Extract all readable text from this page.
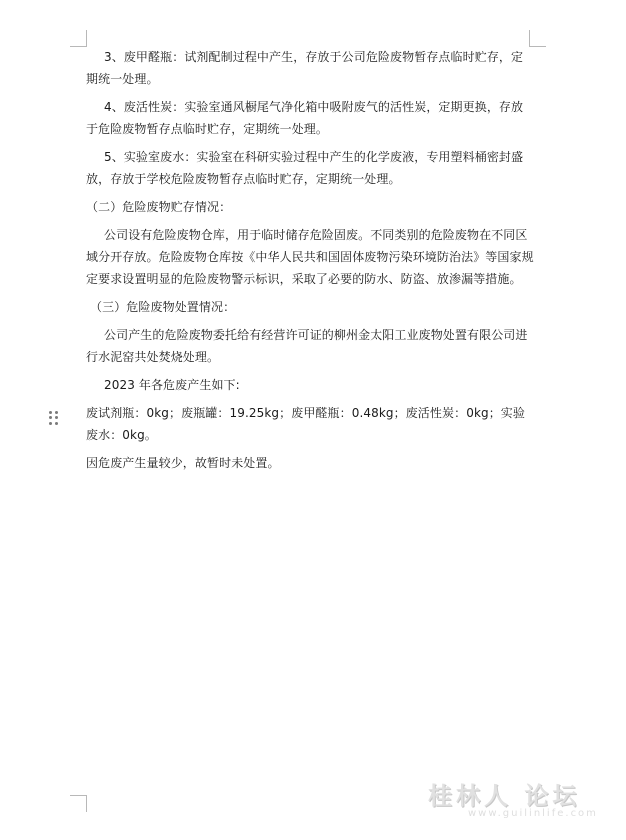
3、废甲醛瓶：试剂配制过程中产生，存放于公司危险废物暂存点临时贮存，定期统一处理。

4、废活性炭：实验室通风橱尾气净化箱中吸附废气的活性炭，定期更换，存放于危险废物暂存点临时贮存，定期统一处理。

5、实验室废水：实验室在科研实验过程中产生的化学废液，专用塑料桶密封盛放，存放于学校危险废物暂存点临时贮存，定期统一处理。

（二）危险废物贮存情况：

公司设有危险废物仓库，用于临时储存危险固废。不同类别的危险废物在不同区域分开存放。危险废物仓库按《中华人民共和国固体废物污染环境防治法》等国家规定要求设置明显的危险废物警示标识，采取了必要的防水、防盗、放渗漏等措施。

（三）危险废物处置情况：

公司产生的危险废物委托给有经营许可证的柳州金太阳工业废物处置有限公司进行水泥窑共处焚烧处理。

2023 年各危废产生如下:

废试剂瓶：0kg；废瓶罐：19.25kg；废甲醛瓶：0.48kg；废活性炭：0kg；实验废水：0kg。

因危废产生量较少，故暂时未处置。

桂林人 论坛
www.guilinlife.com
